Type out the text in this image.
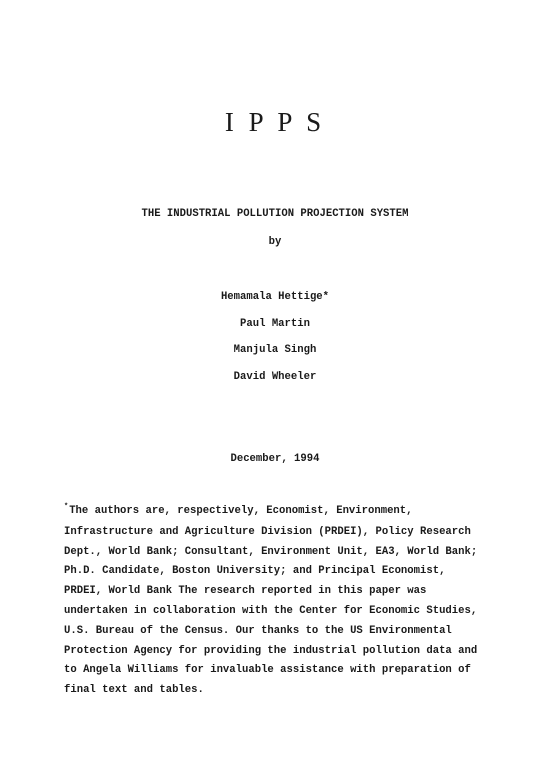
I P P S

THE INDUSTRIAL POLLUTION PROJECTION SYSTEM

by

Hemamala Hettige*

Paul Martin

Manjula Singh

David Wheeler

December, 1994

*The authors are, respectively, Economist, Environment,
Infrastructure and Agriculture Division (PRDEI), Policy Research
Dept., World Bank; Consultant, Environment Unit, EA3, World Bank;
Ph.D. Candidate, Boston University; and Principal Economist,
PRDEI, World Bank The research reported in this paper was
undertaken in collaboration with the Center for Economic Studies,
U.S. Bureau of the Census. Our thanks to the US Environmental
Protection Agency for providing the industrial pollution data and
to Angela Williams for invaluable assistance with preparation of
final text and tables.
